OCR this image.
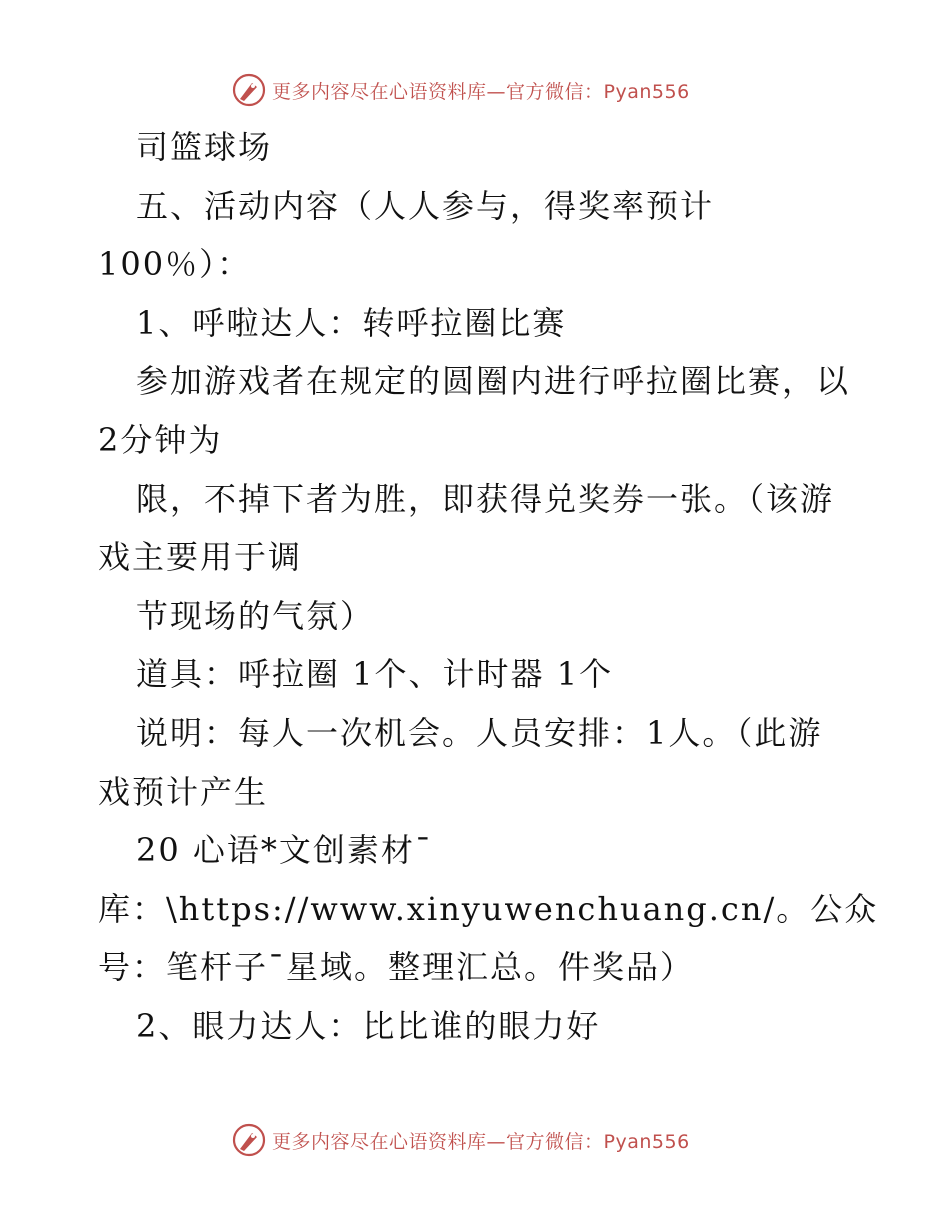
更多内容尽在心语资料库—官方微信：Pyan556
司篮球场
五、活动内容（人人参与，得奖率预计
100％）：
1、呼啦达人：转呼拉圈比赛
参加游戏者在规定的圆圈内进行呼拉圈比赛，以
2分钟为
限，不掉下者为胜，即获得兑奖券一张。（该游
戏主要用于调
节现场的气氛）
道具：呼拉圈 1个、计时器 1个
说明：每人一次机会。人员安排：1人。（此游
戏预计产生
20 心语*文创素材¯
库：\https://www.xinyuwenchuang.cn/。公众
号：笔杆子¯星域。整理汇总。件奖品）
2、眼力达人：比比谁的眼力好
更多内容尽在心语资料库—官方微信：Pyan556
